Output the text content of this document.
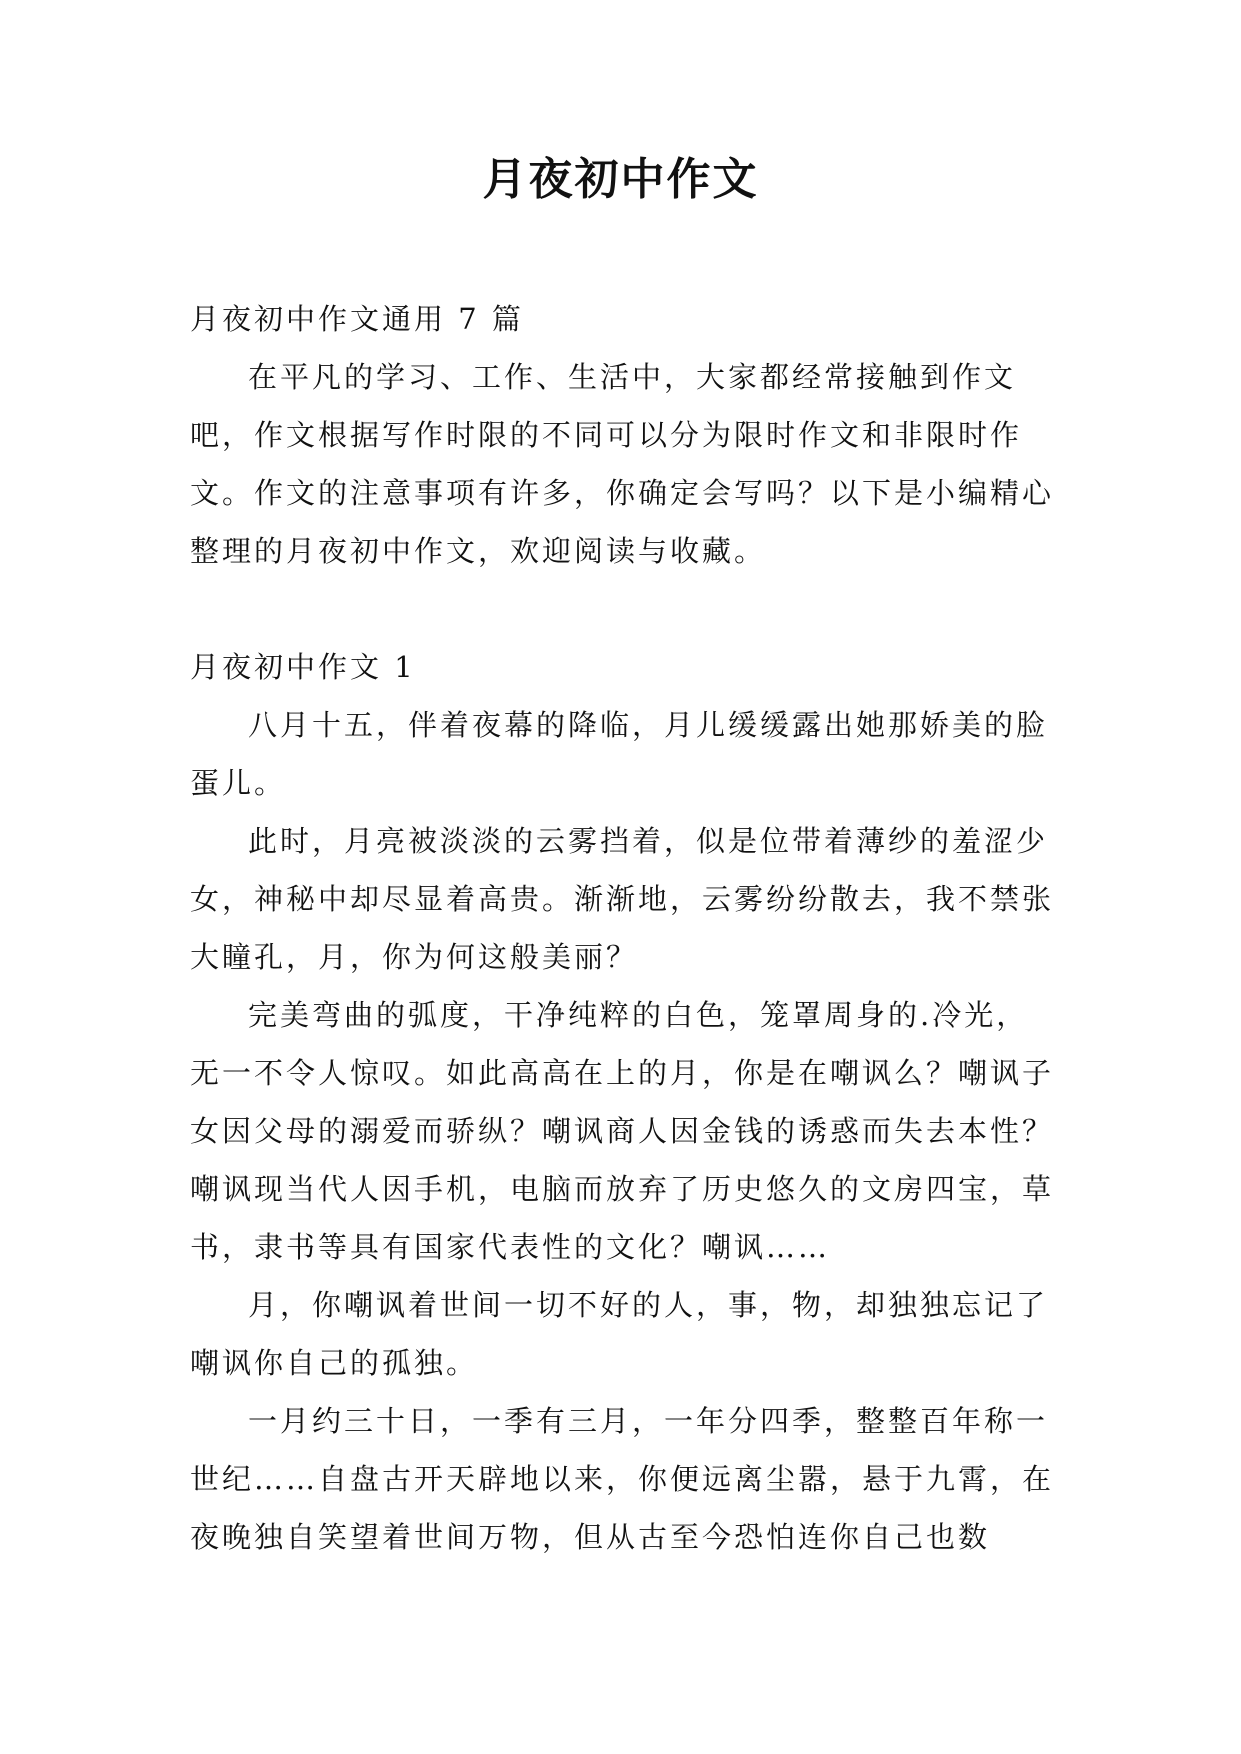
月夜初中作文

月夜初中作文通用 7 篇

在平凡的学习、工作、生活中，大家都经常接触到作文吧，作文根据写作时限的不同可以分为限时作文和非限时作文。作文的注意事项有许多，你确定会写吗？以下是小编精心整理的月夜初中作文，欢迎阅读与收藏。

月夜初中作文 1

八月十五，伴着夜幕的降临，月儿缓缓露出她那娇美的脸蛋儿。

此时，月亮被淡淡的云雾挡着，似是位带着薄纱的羞涩少女，神秘中却尽显着高贵。渐渐地，云雾纷纷散去，我不禁张大瞳孔，月，你为何这般美丽？

完美弯曲的弧度，干净纯粹的白色，笼罩周身的.冷光，无一不令人惊叹。如此高高在上的月，你是在嘲讽么？嘲讽子女因父母的溺爱而骄纵？嘲讽商人因金钱的诱惑而失去本性？嘲讽现当代人因手机，电脑而放弃了历史悠久的文房四宝，草书，隶书等具有国家代表性的文化？嘲讽……

月，你嘲讽着世间一切不好的人，事，物，却独独忘记了嘲讽你自己的孤独。

一月约三十日，一季有三月，一年分四季，整整百年称一世纪……自盘古开天辟地以来，你便远离尘嚣，悬于九霄，在夜晚独自笑望着世间万物，但从古至今恐怕连你自己也数
